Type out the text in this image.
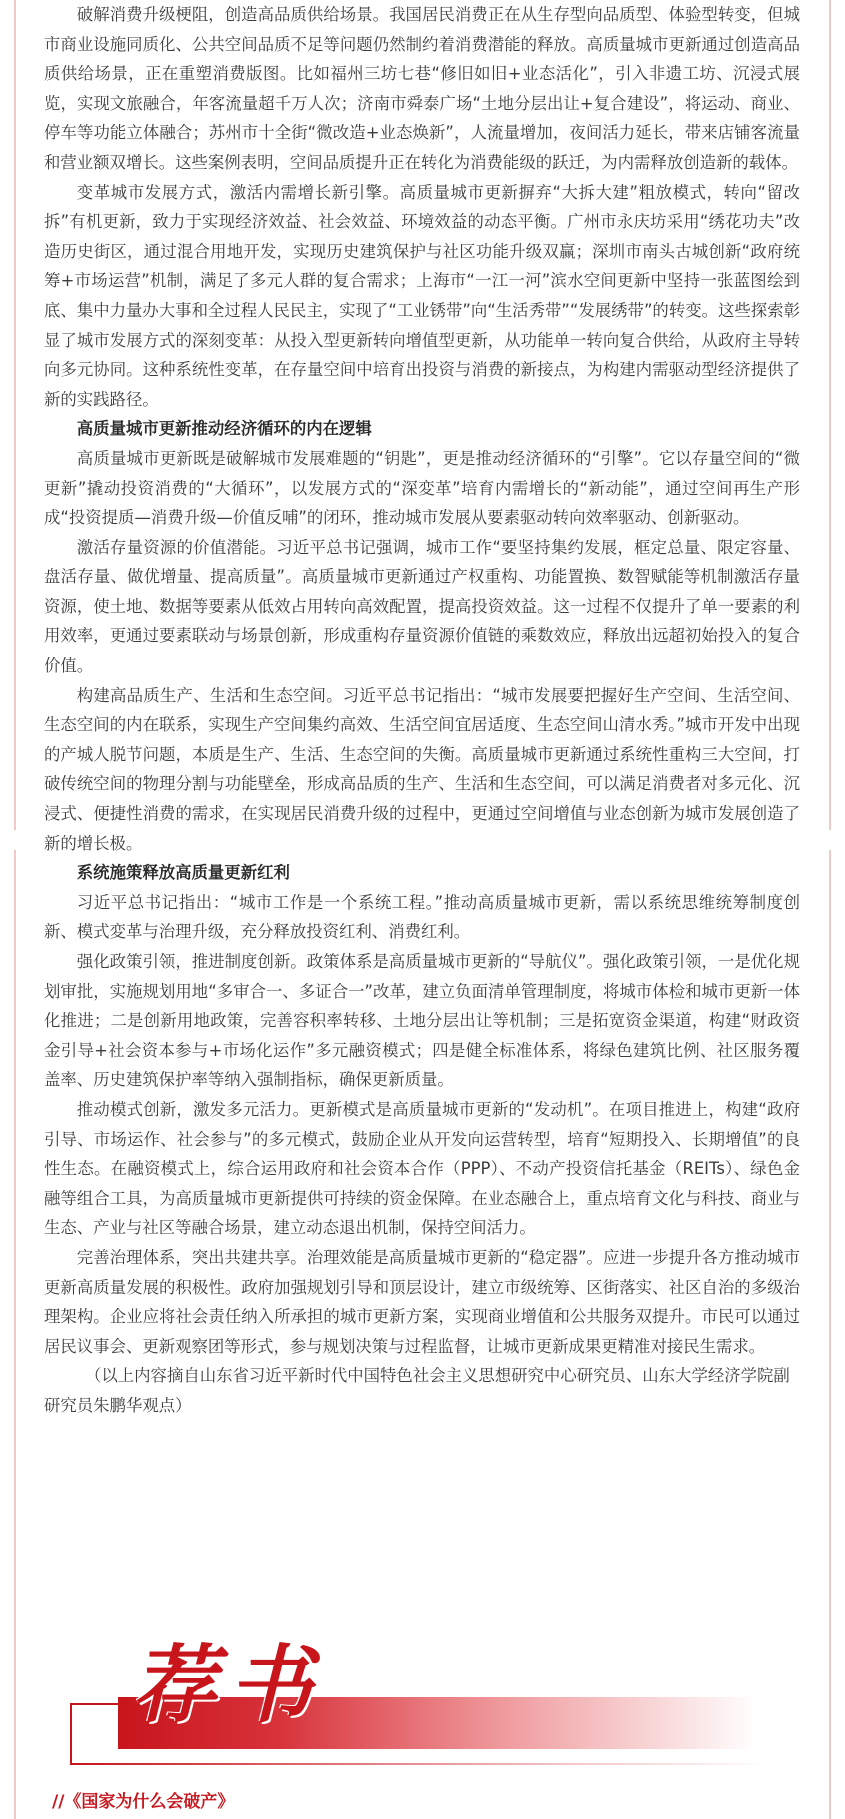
破解消费升级梗阻，创造高品质供给场景。我国居民消费正在从生存型向品质型、体验型转变，但城市商业设施同质化、公共空间品质不足等问题仍然制约着消费潜能的释放。高质量城市更新通过创造高品质供给场景，正在重塑消费版图。比如福州三坊七巷“修旧如旧+业态活化”，引入非遗工坊、沉浸式展览，实现文旅融合，年客流量超千万人次；济南市舜泰广场“土地分层出让+复合建设”，将运动、商业、停车等功能立体融合；苏州市十全街“微改造+业态焕新”，人流量增加，夜间活力延长，带来店铺客流量和营业额双增长。这些案例表明，空间品质提升正在转化为消费能级的跃迁，为内需释放创造新的载体。

变革城市发展方式，激活内需增长新引擎。高质量城市更新摒弃“大拆大建”粗放模式，转向“留改拆”有机更新，致力于实现经济效益、社会效益、环境效益的动态平衡。广州市永庆坊采用“绣花功夫”改造历史街区，通过混合用地开发，实现历史建筑保护与社区功能升级双赢；深圳市南头古城创新“政府统筹+市场运营”机制，满足了多元人群的复合需求；上海市“一江一河”滨水空间更新中坚持一张蓝图绘到底、集中力量办大事和全过程人民民主，实现了“工业锈带”向“生活秀带”“发展绣带”的转变。这些探索彰显了城市发展方式的深刻变革：从投入型更新转向增值型更新，从功能单一转向复合供给，从政府主导转向多元协同。这种系统性变革，在存量空间中培育出投资与消费的新接点，为构建内需驱动型经济提供了新的实践路径。

高质量城市更新推动经济循环的内在逻辑

高质量城市更新既是破解城市发展难题的“钥匙”，更是推动经济循环的“引擎”。它以存量空间的“微更新”撬动投资消费的“大循环”，以发展方式的“深変革”培育内需增长的“新动能”，通过空间再生产形成“投资提质—消费升级—价值反哺”的闭环，推动城市发展从要素驱动转向效率驱动、创新驱动。

激活存量资源的价值潜能。习近平总书记强调，城市工作“要坚持集约发展，框定总量、限定容量、盘活存量、做优增量、提高质量”。高质量城市更新通过产权重构、功能置换、数智赋能等机制激活存量资源，使土地、数据等要素从低效占用转向高效配置，提高投资效益。这一过程不仅提升了单一要素的利用效率，更通过要素联动与场景创新，形成重构存量资源价值链的乘数效应，释放出远超初始投入的复合价值。

构建高品质生产、生活和生态空间。习近平总书记指出：“城市发展要把握好生产空间、生活空间、生态空间的内在联系，实现生产空间集约高效、生活空间宜居适度、生态空间山清水秀。”城市开发中出现的产城人脱节问题，本质是生产、生活、生态空间的失衡。高质量城市更新通过系统性重构三大空间，打破传统空间的物理分割与功能壁垒，形成高品质的生产、生活和生态空间，可以满足消费者对多元化、沉浸式、便捷性消费的需求，在实现居民消费升级的过程中，更通过空间增值与业态创新为城市发展创造了新的增长极。

系统施策释放高质量更新红利

习近平总书记指出：“城市工作是一个系统工程。”推动高质量城市更新，需以系统思维统筹制度创新、模式変革与治理升级，充分释放投资红利、消费红利。

强化政策引领，推进制度创新。政策体系是高质量城市更新的“导航仪”。强化政策引领，一是优化规划审批，实施规划用地“多审合一、多证合一”改革，建立负面清单管理制度，将城市体检和城市更新一体化推进；二是创新用地政策，完善容积率转移、土地分层出让等机制；三是拓宽资金渠道，构建“财政资金引导+社会资本参与+市场化运作”多元融资模式；四是健全标准体系，将绿色建筑比例、社区服务覆盖率、历史建筑保护率等纳入强制指标，确保更新质量。

推动模式创新，激发多元活力。更新模式是高质量城市更新的“发动机”。在项目推进上，构建“政府引导、市场运作、社会参与”的多元模式，鼓励企业从开发向运营转型，培育“短期投入、长期增值”的良性生态。在融资模式上，综合运用政府和社会资本合作（PPP）、不动产投资信托基金（REITs）、绿色金融等组合工具，为高质量城市更新提供可持续的资金保障。在业态融合上，重点培育文化与科技、商业与生态、产业与社区等融合场景，建立动态退出机制，保持空间活力。

完善治理体系，突出共建共享。治理效能是高质量城市更新的“稳定器”。应进一步提升各方推动城市更新高质量发展的积极性。政府加强规划引导和顶层设计，建立市级统筹、区街落实、社区自治的多级治理架构。企业应将社会责任纳入所承担的城市更新方案，实现商业增值和公共服务双提升。市民可以通过居民议事会、更新观察团等形式，参与规划决策与过程监督，让城市更新成果更精准对接民生需求。

（以上内容摘自山东省习近平新时代中国特色社会主义思想研究中心研究员、山东大学经济学院副研究员朱鹏华观点）

荐书
//《国家为什么会破产》
